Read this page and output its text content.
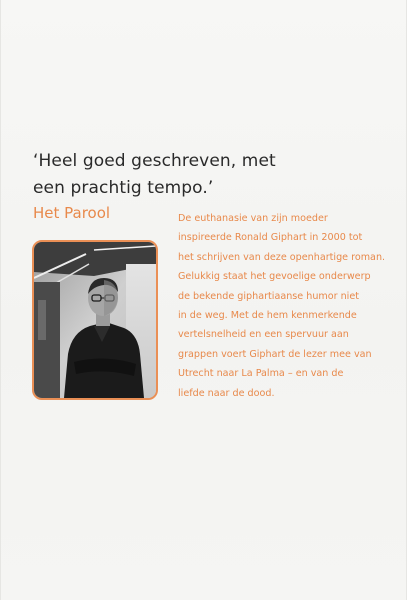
‘Heel goed geschreven, met
een prachtig tempo.’
Het Parool	De euthanasie van zijn moeder
inspireerde Ronald Giphart in 2000 tot
het schrijven van deze openhartige roman.
Gelukkig staat het gevoelige onderwerp
de bekende giphartiaanse humor niet
in de weg. Met de hem kenmerkende
vertelsnelheid en een spervuur aan
grappen voert Giphart de lezer mee van
Utrecht naar La Palma – en van de
liefde naar de dood.
